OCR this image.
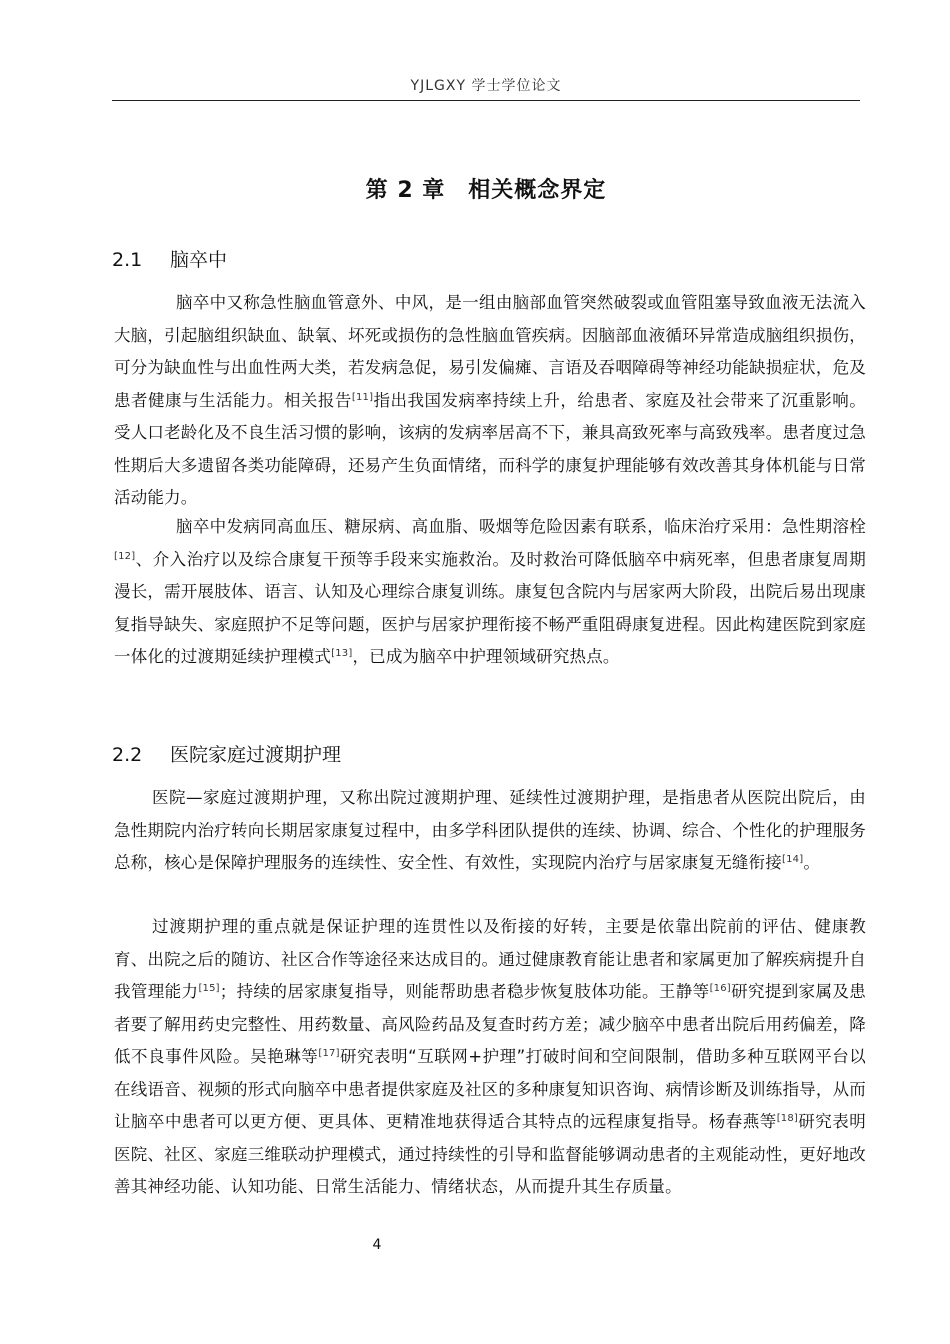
YJLGXY 学士学位论文
第 2 章　相关概念界定
2.1 脑卒中

脑卒中又称急性脑血管意外、中风，是一组由脑部血管突然破裂或血管阻塞导致血液无法流入大脑，引起脑组织缺血、缺氧、坏死或损伤的急性脑血管疾病。因脑部血液循环异常造成脑组织损伤，可分为缺血性与出血性两大类，若发病急促，易引发偏瘫、言语及吞咽障碍等神经功能缺损症状，危及患者健康与生活能力。相关报告[11]指出我国发病率持续上升，给患者、家庭及社会带来了沉重影响。受人口老龄化及不良生活习惯的影响，该病的发病率居高不下，兼具高致死率与高致残率。患者度过急性期后大多遗留各类功能障碍，还易产生负面情绪，而科学的康复护理能够有效改善其身体机能与日常活动能力。

脑卒中发病同高血压、糖尿病、高血脂、吸烟等危险因素有联系，临床治疗采用：急性期溶栓[12]、介入治疗以及综合康复干预等手段来实施救治。及时救治可降低脑卒中病死率，但患者康复周期漫长，需开展肢体、语言、认知及心理综合康复训练。康复包含院内与居家两大阶段，出院后易出现康复指导缺失、家庭照护不足等问题，医护与居家护理衔接不畅严重阻碍康复进程。因此构建医院到家庭一体化的过渡期延续护理模式[13]，已成为脑卒中护理领域研究热点。

2.2 医院家庭过渡期护理

医院—家庭过渡期护理，又称出院过渡期护理、延续性过渡期护理，是指患者从医院出院后，由急性期院内治疗转向长期居家康复过程中，由多学科团队提供的连续、协调、综合、个性化的护理服务总称，核心是保障护理服务的连续性、安全性、有效性，实现院内治疗与居家康复无缝衔接[14]。

过渡期护理的重点就是保证护理的连贯性以及衔接的好转，主要是依靠出院前的评估、健康教育、出院之后的随访、社区合作等途径来达成目的。通过健康教育能让患者和家属更加了解疾病提升自我管理能力[15]；持续的居家康复指导，则能帮助患者稳步恢复肢体功能。王静等[16]研究提到家属及患者要了解用药史完整性、用药数量、高风险药品及复查时药方差；减少脑卒中患者出院后用药偏差，降低不良事件风险。吴艳琳等[17]研究表明“互联网+护理”打破时间和空间限制，借助多种互联网平台以在线语音、视频的形式向脑卒中患者提供家庭及社区的多种康复知识咨询、病情诊断及训练指导，从而让脑卒中患者可以更方便、更具体、更精准地获得适合其特点的远程康复指导。杨春燕等[18]研究表明医院、社区、家庭三维联动护理模式，通过持续性的引导和监督能够调动患者的主观能动性，更好地改善其神经功能、认知功能、日常生活能力、情绪状态，从而提升其生存质量。

4
